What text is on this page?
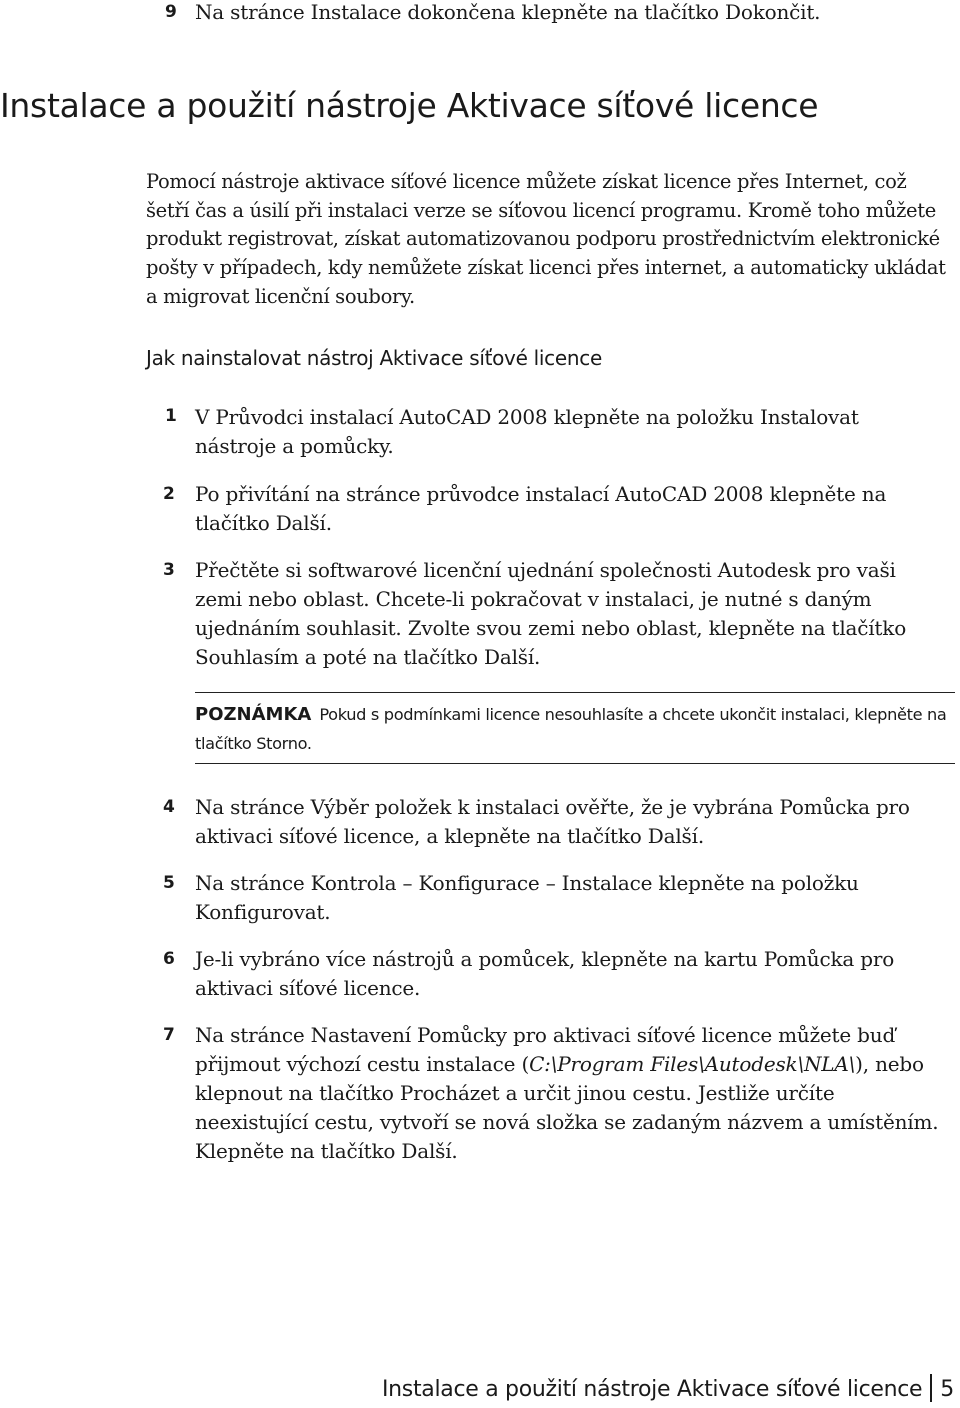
9 Na stránce Instalace dokončena klepněte na tlačítko Dokončit.
Instalace a použití nástroje Aktivace síťové licence
Pomocí nástroje aktivace síťové licence můžete získat licence přes Internet, což šetří čas a úsilí při instalaci verze se síťovou licencí programu. Kromě toho můžete produkt registrovat, získat automatizovanou podporu prostřednictvím elektronické pošty v případech, kdy nemůžete získat licenci přes internet, a automaticky ukládat a migrovat licenční soubory.
Jak nainstalovat nástroj Aktivace síťové licence
1 V Průvodci instalací AutoCAD 2008 klepněte na položku Instalovat nástroje a pomůcky.
2	Po přivítání na stránce průvodce instalací AutoCAD 2008 klepněte na tlačítko Další.
3	Přečtěte si softwarové licenční ujednání společnosti Autodesk pro vaši zemi nebo oblast. Chcete-li pokračovat v instalaci, je nutné s daným ujednáním souhlasit. Zvolte svou zemi nebo oblast, klepněte na tlačítko Souhlasím a poté na tlačítko Další.
POZNÁMKA Pokud s podmínkami licence nesouhlasíte a chcete ukončit instalaci, klepněte na tlačítko Storno.
4	Na stránce Výběr položek k instalaci ověřte, že je vybrána Pomůcka pro aktivaci síťové licence, a klepněte na tlačítko Další.
5	Na stránce Kontrola – Konfigurace – Instalace klepněte na položku Konfigurovat.
6	Je-li vybráno více nástrojů a pomůcek, klepněte na kartu Pomůcka pro aktivaci síťové licence.
7	Na stránce Nastavení Pomůcky pro aktivaci síťové licence můžete buď přijmout výchozí cestu instalace (C:\Program Files\Autodesk\NLA\), nebo klepnout na tlačítko Procházet a určit jinou cestu. Jestliže určíte neexistující cestu, vytvoří se nová složka se zadaným názvem a umístěním. Klepněte na tlačítko Další.
Instalace a použití nástroje Aktivace síťové licence 5
